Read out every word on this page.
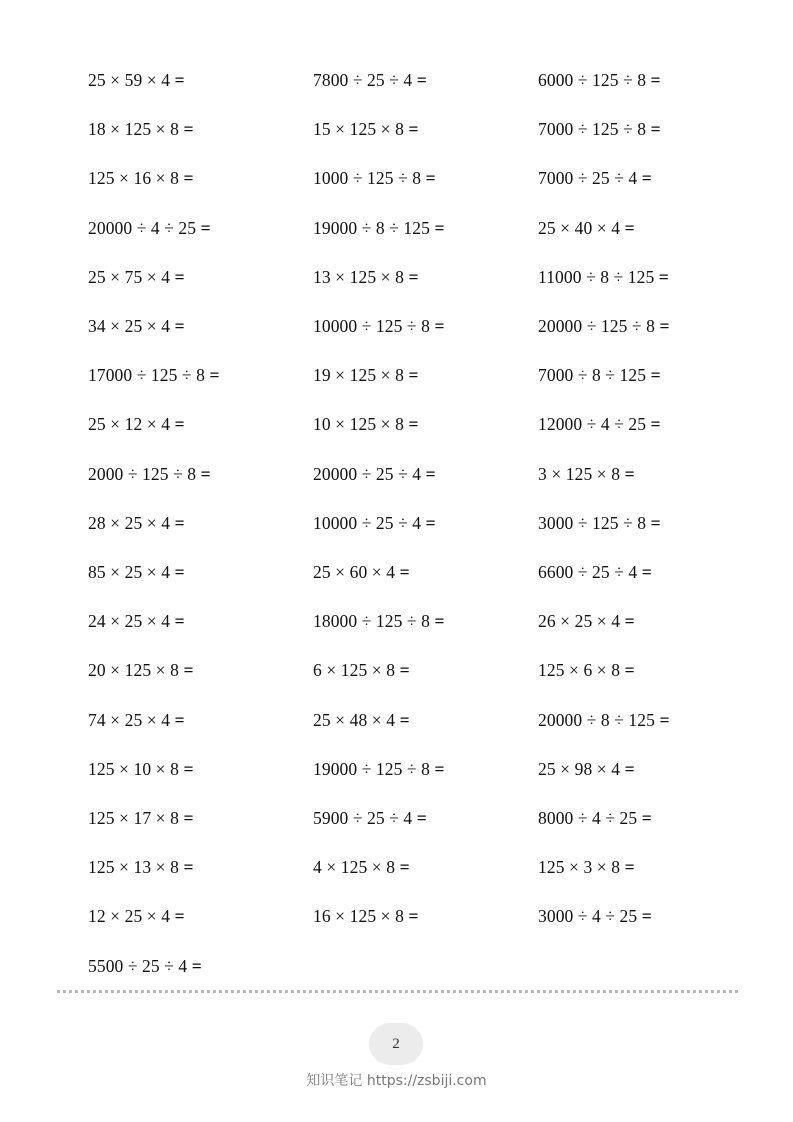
25 × 59 × 4 =	7800 ÷ 25 ÷ 4 =	6000 ÷ 125 ÷ 8 =
18 × 125 × 8 =	15 × 125 × 8 =	7000 ÷ 125 ÷ 8 =
125 × 16 × 8 =	1000 ÷ 125 ÷ 8 =	7000 ÷ 25 ÷ 4 =
20000 ÷ 4 ÷ 25 =	19000 ÷ 8 ÷ 125 =	25 × 40 × 4 =
25 × 75 × 4 =	13 × 125 × 8 =	11000 ÷ 8 ÷ 125 =
34 × 25 × 4 =	10000 ÷ 125 ÷ 8 =	20000 ÷ 125 ÷ 8 =
17000 ÷ 125 ÷ 8 =	19 × 125 × 8 =	7000 ÷ 8 ÷ 125 =
25 × 12 × 4 =	10 × 125 × 8 =	12000 ÷ 4 ÷ 25 =
2000 ÷ 125 ÷ 8 =	20000 ÷ 25 ÷ 4 =	3 × 125 × 8 =
28 × 25 × 4 =	10000 ÷ 25 ÷ 4 =	3000 ÷ 125 ÷ 8 =
85 × 25 × 4 =	25 × 60 × 4 =	6600 ÷ 25 ÷ 4 =
24 × 25 × 4 =	18000 ÷ 125 ÷ 8 =	26 × 25 × 4 =
20 × 125 × 8 =	6 × 125 × 8 =	125 × 6 × 8 =
74 × 25 × 4 =	25 × 48 × 4 =	20000 ÷ 8 ÷ 125 =
125 × 10 × 8 =	19000 ÷ 125 ÷ 8 =	25 × 98 × 4 =
125 × 17 × 8 =	5900 ÷ 25 ÷ 4 =	8000 ÷ 4 ÷ 25 =
125 × 13 × 8 =	4 × 125 × 8 =	125 × 3 × 8 =
12 × 25 × 4 =	16 × 125 × 8 =	3000 ÷ 4 ÷ 25 =
5500 ÷ 25 ÷ 4 =
2
知识笔记 https://zsbiji.com
